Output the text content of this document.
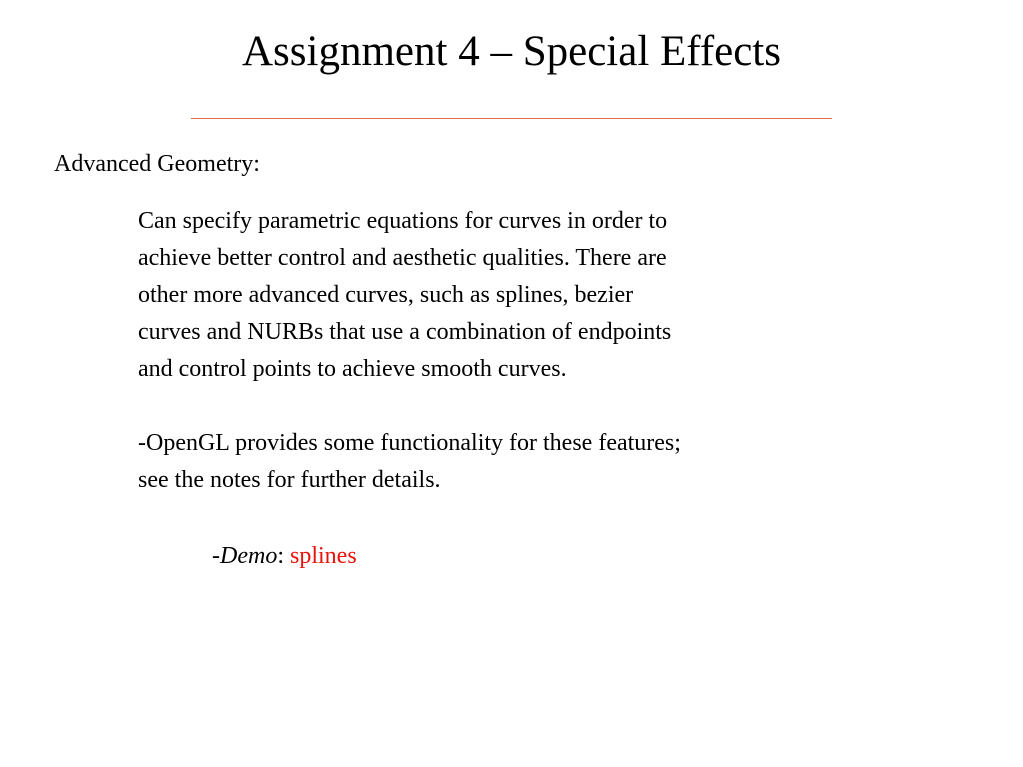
Assignment 4 – Special Effects
Advanced Geometry:
Can specify parametric equations for curves in order to
achieve better control and aesthetic qualities. There are
other more advanced curves, such as splines, bezier
curves and NURBs that use a combination of endpoints
and control points to achieve smooth curves.
-OpenGL provides some functionality for these features;
see the notes for further details.
-Demo: splines
